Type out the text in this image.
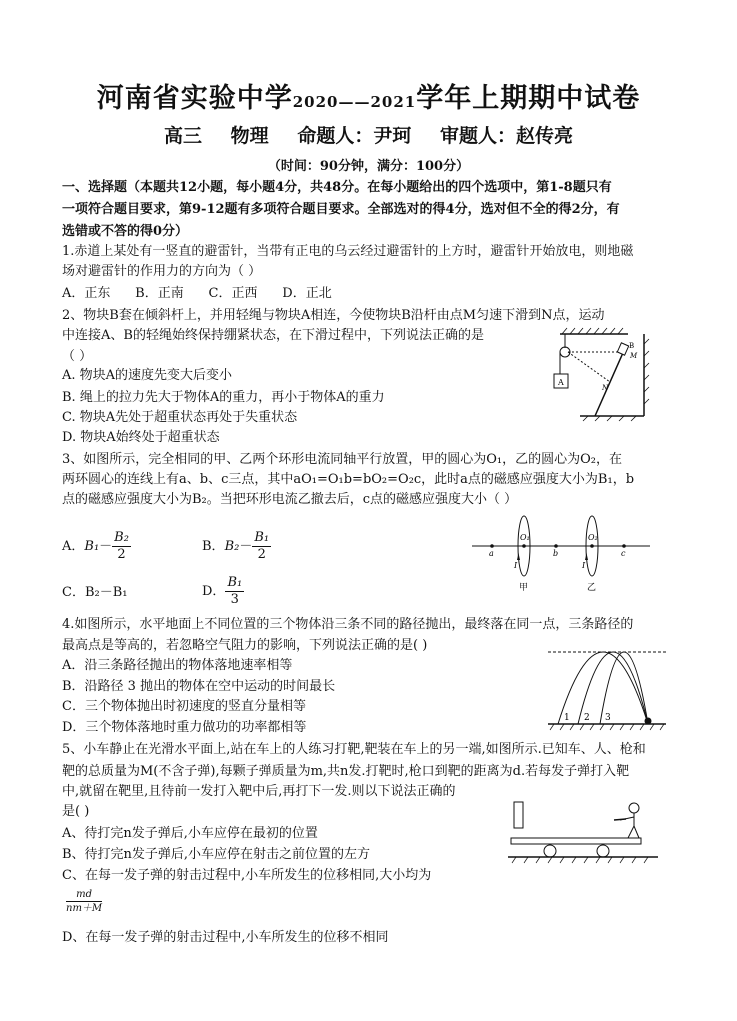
河南省实验中学2020——2021学年上期期中试卷
高三 物理 命题人：尹珂 审题人：赵传亮
（时间：90分钟，满分：100分）
一、选择题（本题共12小题，每小题4分，共48分。在每小题给出的四个选项中，第1-8题只有
一项符合题目要求，第9-12题有多项符合题目要求。全部选对的得4分，选对但不全的得2分，有
选错或不答的得0分）
1.赤道上某处有一竖直的避雷针，当带有正电的乌云经过避雷针的上方时，避雷针开始放电，则地磁
场对避雷针的作用力的方向为（ ）
A．正东      B．正南      C．正西      D．正北
2、物块B套在倾斜杆上，并用轻绳与物块A相连，今使物块B沿杆由点M匀速下滑到N点，运动
中连接A、B的轻绳始终保持绷紧状态，在下滑过程中，下列说法正确的是
（ ）
A. 物块A的速度先变大后变小
B. 绳上的拉力先大于物体A的重力，再小于物体A的重力
C. 物块A先处于超重状态再处于失重状态
D. 物块A始终处于超重状态
A
B
M
N
3、如图所示，完全相同的甲、乙两个环形电流同轴平行放置，甲的圆心为O₁，乙的圆心为O₂，在
两环圆心的连线上有a、b、c三点，其中aO₁=O₁b=bO₂=O₂c，此时a点的磁感应强度大小为B₁，b
点的磁感应强度大小为B₂。当把环形电流乙撤去后，c点的磁感应强度大小（ ）
A．$B_1- \frac{\text{B₂}}{2}$	B．$B_2- \frac{\text{B₁}}{2}$
C．B₂－B₁	D． $\frac{\text{B₁}}{3}$
a
O₁
b
O₂
c
I	I
甲	乙
4.如图所示，水平地面上不同位置的三个物体沿三条不同的路径抛出，最终落在同一点，三条路径的
最高点是等高的，若忽略空气阻力的影响，下列说法正确的是( )
A．沿三条路径抛出的物体落地速率相等
B．沿路径 3 抛出的物体在空中运动的时间最长
C．三个物体抛出时初速度的竖直分量相等
D．三个物体落地时重力做功的功率都相等
1 2 3
5、小车静止在光滑水平面上,站在车上的人练习打靶,靶装在车上的另一端,如图所示.已知车、人、枪和
靶的总质量为M(不含子弹),每颗子弹质量为m,共n发.打靶时,枪口到靶的距离为d.若每发子弹打入靶
中,就留在靶里,且待前一发打入靶中后,再打下一发.则以下说法正确的
是( )
A、待打完n发子弹后,小车应停在最初的位置
B、待打完n发子弹后,小车应停在射击之前位置的左方
C、在每一发子弹的射击过程中,小车所发生的位移相同,大小均为
$\frac{md}{nm+M}$
D、在每一发子弹的射击过程中,小车所发生的位移不相同
